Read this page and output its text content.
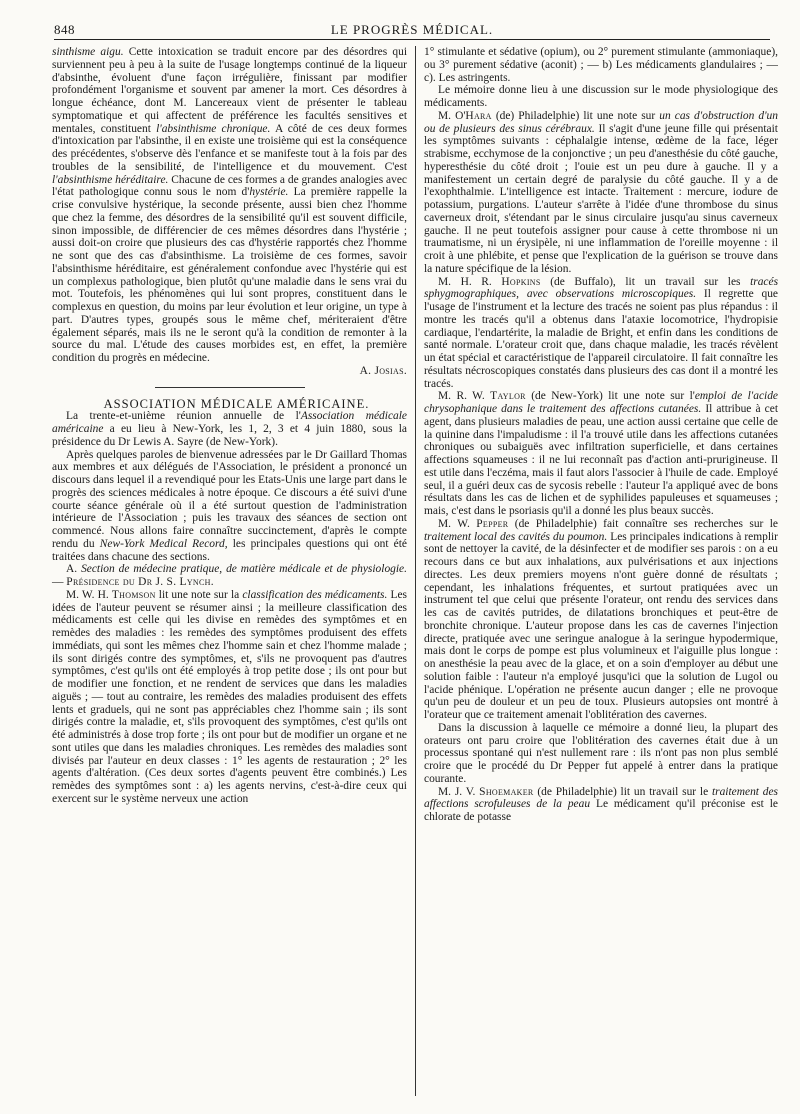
848	LE PROGRÈS MÉDICAL.

sinthisme aigu. Cette intoxication se traduit encore par des désordres qui surviennent peu à peu à la suite de l'usage longtemps continué de la liqueur d'absinthe, évoluent d'une façon irrégulière, finissant par modifier profondément l'organisme et souvent par amener la mort. Ces désordres à longue échéance, dont M. Lancereaux vient de présenter le tableau symptomatique et qui affectent de préférence les facultés sensitives et mentales, constituent l'absinthisme chronique. A côté de ces deux formes d'intoxication par l'absinthe, il en existe une troisième qui est la conséquence des précédentes, s'observe dès l'enfance et se manifeste tout à la fois par des troubles de la sensibilité, de l'intelligence et du mouvement. C'est l'absinthisme héréditaire. Chacune de ces formes a de grandes analogies avec l'état pathologique connu sous le nom d'hystérie. La première rappelle la crise convulsive hystérique, la seconde présente, aussi bien chez l'homme que chez la femme, des désordres de la sensibilité qu'il est souvent difficile, sinon impossible, de différencier de ces mêmes désordres dans l'hystérie ; aussi doit-on croire que plusieurs des cas d'hystérie rapportés chez l'homme ne sont que des cas d'absinthisme. La troisième de ces formes, savoir l'absinthisme héréditaire, est généralement confondue avec l'hystérie qui est un complexus pathologique, bien plutôt qu'une maladie dans le sens vrai du mot. Toutefois, les phénomènes qui lui sont propres, constituent dans le complexus en question, du moins par leur évolution et leur origine, un type à part. D'autres types, groupés sous le même chef, mériteraient d'être également séparés, mais ils ne le seront qu'à la condition de remonter à la source du mal. L'étude des causes morbides est, en effet, la première condition du progrès en médecine.

A. Josias.

ASSOCIATION MÉDICALE AMÉRICAINE.

La trente-et-unième réunion annuelle de l'Association médicale américaine a eu lieu à New-York, les 1, 2, 3 et 4 juin 1880, sous la présidence du Dr Lewis A. Sayre (de New-York).

Après quelques paroles de bienvenue adressées par le Dr Gaillard Thomas aux membres et aux délégués de l'Association, le président a prononcé un discours dans lequel il a revendiqué pour les Etats-Unis une large part dans le progrès des sciences médicales à notre époque. Ce discours a été suivi d'une courte séance générale où il a été surtout question de l'administration intérieure de l'Association ; puis les travaux des séances de section ont commencé. Nous allons faire connaître succinctement, d'après le compte rendu du New-York Medical Record, les principales questions qui ont été traitées dans chacune des sections.

A. Section de médecine pratique, de matière médicale et de physiologie. — Présidence du Dr J. S. Lynch.

M. W. H. Thomson lit une note sur la classification des médicaments. Les idées de l'auteur peuvent se résumer ainsi ; la meilleure classification des médicaments est celle qui les divise en remèdes des symptômes et en remèdes des maladies : les remèdes des symptômes produisent des effets immédiats, qui sont les mêmes chez l'homme sain et chez l'homme malade ; ils sont dirigés contre des symptômes, et, s'ils ne provoquent pas d'autres symptômes, c'est qu'ils ont été employés à trop petite dose ; ils ont pour but de modifier une fonction, et ne rendent de services que dans les maladies aiguës ; — tout au contraire, les remèdes des maladies produisent des effets lents et graduels, qui ne sont pas appréciables chez l'homme sain ; ils sont dirigés contre la maladie, et, s'ils provoquent des symptômes, c'est qu'ils ont été administrés à dose trop forte ; ils ont pour but de modifier un organe et ne sont utiles que dans les maladies chroniques. Les remèdes des maladies sont divisés par l'auteur en deux classes : 1° les agents de restauration ; 2° les agents d'altération. (Ces deux sortes d'agents peuvent être combinés.) Les remèdes des symptômes sont : a) les agents nervins, c'est-à-dire ceux qui exercent sur le système nerveux une action

1° stimulante et sédative (opium), ou 2° purement stimulante (ammoniaque), ou 3° purement sédative (aconit) ; — b) Les médicaments glandulaires ; — c). Les astringents.

Le mémoire donne lieu à une discussion sur le mode physiologique des médicaments.

M. O'Hara (de) Philadelphie) lit une note sur un cas d'obstruction d'un ou de plusieurs des sinus cérébraux. Il s'agit d'une jeune fille qui présentait les symptômes suivants : céphalalgie intense, œdème de la face, léger strabisme, ecchymose de la conjonctive ; un peu d'anesthésie du côté gauche, hyperesthésie du côté droit ; l'ouie est un peu dure à gauche. Il y a manifestement un certain degré de paralysie du côté gauche. Il y a de l'exophthalmie. L'intelligence est intacte. Traitement : mercure, iodure de potassium, purgations. L'auteur s'arrête à l'idée d'une thrombose du sinus caverneux droit, s'étendant par le sinus circulaire jusqu'au sinus caverneux gauche. Il ne peut toutefois assigner pour cause à cette thrombose ni un traumatisme, ni un érysipèle, ni une inflammation de l'oreille moyenne : il croit à une phlébite, et pense que l'explication de la guérison se trouve dans la nature spécifique de la lésion.

M. H. R. Hopkins (de Buffalo), lit un travail sur les tracés sphygmographiques, avec observations microscopiques. Il regrette que l'usage de l'instrument et la lecture des tracés ne soient pas plus répandus : il montre les tracés qu'il a obtenus dans l'ataxie locomotrice, l'hydropisie cardiaque, l'endartérite, la maladie de Bright, et enfin dans les conditions de santé normale. L'orateur croit que, dans chaque maladie, les tracés révèlent un état spécial et caractéristique de l'appareil circulatoire. Il fait connaître les résultats nécroscopiques constatés dans plusieurs des cas dont il a montré les tracés.

M. R. W. Taylor (de New-York) lit une note sur l'emploi de l'acide chrysophanique dans le traitement des affections cutanées. Il attribue à cet agent, dans plusieurs maladies de peau, une action aussi certaine que celle de la quinine dans l'impaludisme : il l'a trouvé utile dans les affections cutanées chroniques ou subaiguës avec infiltration superficielle, et dans certaines affections squameuses : il ne lui reconnaît pas d'action anti-prurigineuse. Il est utile dans l'eczéma, mais il faut alors l'associer à l'huile de cade. Employé seul, il a guéri deux cas de sycosis rebelle : l'auteur l'a appliqué avec de bons résultats dans les cas de lichen et de syphilides papuleuses et squameuses ; mais, c'est dans le psoriasis qu'il a donné les plus beaux succès.

M. W. Pepper (de Philadelphie) fait connaître ses recherches sur le traitement local des cavités du poumon. Les principales indications à remplir sont de nettoyer la cavité, de la désinfecter et de modifier ses parois : on a eu recours dans ce but aux inhalations, aux pulvérisations et aux injections directes. Les deux premiers moyens n'ont guère donné de résultats ; cependant, les inhalations fréquentes, et surtout pratiquées avec un instrument tel que celui que présente l'orateur, ont rendu des services dans les cas de cavités putrides, de dilatations bronchiques et peut-être de bronchite chronique. L'auteur propose dans les cas de cavernes l'injection directe, pratiquée avec une seringue analogue à la seringue hypodermique, mais dont le corps de pompe est plus volumineux et l'aiguille plus longue : on anesthésie la peau avec de la glace, et on a soin d'employer au début une solution faible : l'auteur n'a employé jusqu'ici que la solution de Lugol ou l'acide phénique. L'opération ne présente aucun danger ; elle ne provoque qu'un peu de douleur et un peu de toux. Plusieurs autopsies ont montré à l'orateur que ce traitement amenait l'oblitération des cavernes.

Dans la discussion à laquelle ce mémoire a donné lieu, la plupart des orateurs ont paru croire que l'oblitération des cavernes était due à un processus spontané qui n'est nullement rare : ils n'ont pas non plus semblé croire que le procédé du Dr Pepper fut appelé à entrer dans la pratique courante.

M. J. V. Shoemaker (de Philadelphie) lit un travail sur le traitement des affections scrofuleuses de la peau Le médicament qu'il préconise est le chlorate de potasse
